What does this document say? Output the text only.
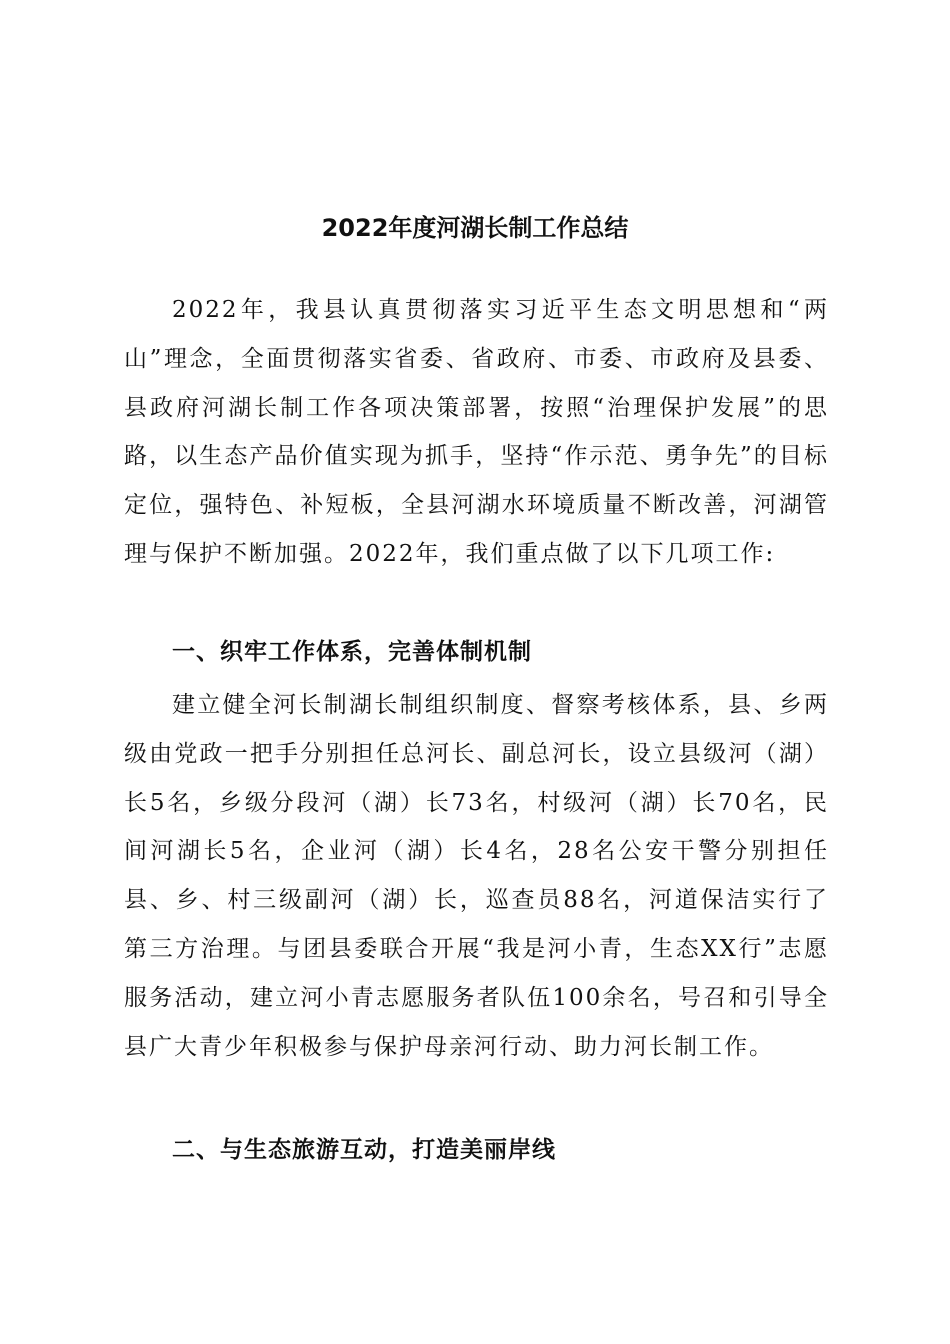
2022年度河湖长制工作总结

2022年，我县认真贯彻落实习近平生态文明思想和“两山”理念，全面贯彻落实省委、省政府、市委、市政府及县委、县政府河湖长制工作各项决策部署，按照“治理保护发展”的思路，以生态产品价值实现为抓手，坚持“作示范、勇争先”的目标定位，强特色、补短板，全县河湖水环境质量不断改善，河湖管理与保护不断加强。2022年，我们重点做了以下几项工作:

一、织牢工作体系，完善体制机制

建立健全河长制湖长制组织制度、督察考核体系，县、乡两级由党政一把手分别担任总河长、副总河长，设立县级河（湖）长5名，乡级分段河（湖）长73名，村级河（湖）长70名，民间河湖长5名，企业河（湖）长4名，28名公安干警分别担任县、乡、村三级副河（湖）长，巡查员88名，河道保洁实行了第三方治理。与团县委联合开展“我是河小青，生态XX行”志愿服务活动，建立河小青志愿服务者队伍100余名，号召和引导全县广大青少年积极参与保护母亲河行动、助力河长制工作。

二、与生态旅游互动，打造美丽岸线
